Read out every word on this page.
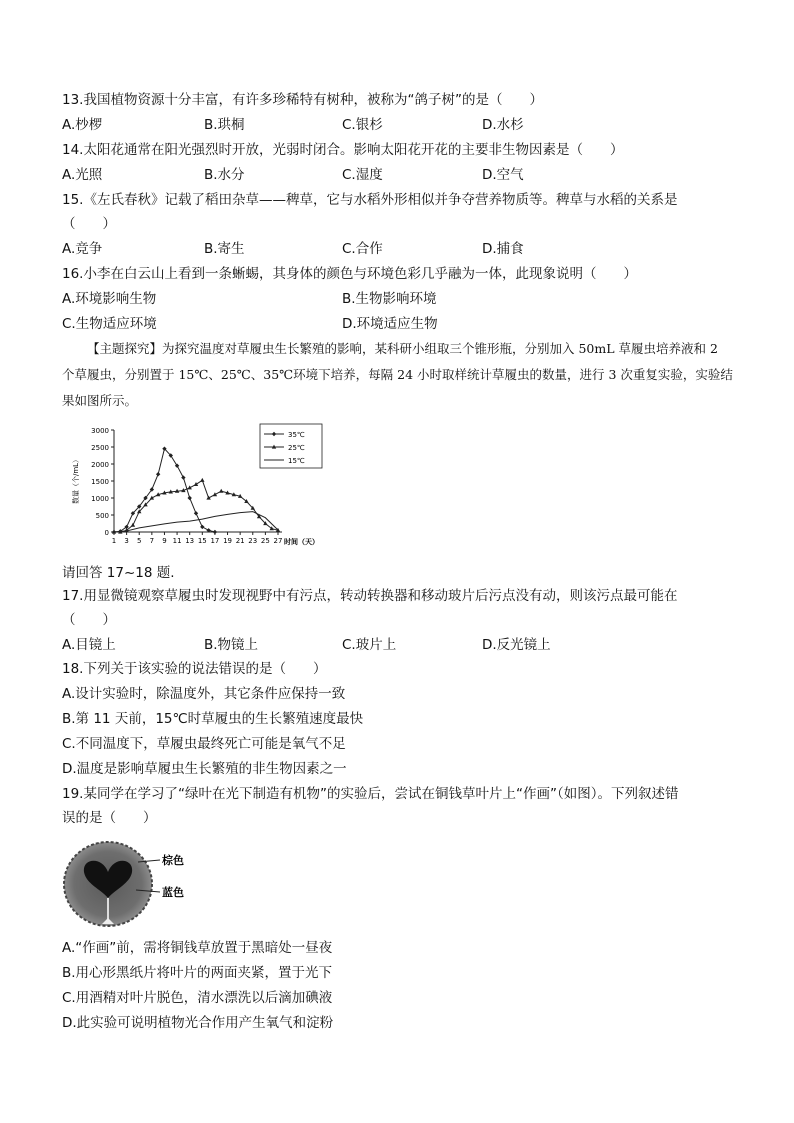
13.我国植物资源十分丰富，有许多珍稀特有树种，被称为“鸽子树”的是（　　）
A.杪椤	B.珙桐	C.银杉	D.水杉
14.太阳花通常在阳光强烈时开放，光弱时闭合。影响太阳花开花的主要非生物因素是（　　）
A.光照	B.水分	C.湿度	D.空气
15.《左氏春秋》记载了稻田杂草——稗草，它与水稻外形相似并争夺营养物质等。稗草与水稻的关系是
（　　）
A.竞争	B.寄生	C.合作	D.捕食
16.小李在白云山上看到一条蜥蜴，其身体的颜色与环境色彩几乎融为一体，此现象说明（　　）
A.环境影响生物	B.生物影响环境
C.生物适应环境	D.环境适应生物
【主题探究】为探究温度对草履虫生长繁殖的影响，某科研小组取三个锥形瓶，分别加入 50mL 草履虫培养液和 2 个草履虫，分别置于 15℃、25℃、35℃环境下培养，每隔 24 小时取样统计草履虫的数量，进行 3 次重复实验，实验结果如图所示。
3000
2500
2000
1500
1000
500
0
1 3 5 7 9 11 13 15 17 19 21 23 25 27
数量（个/mL）
时间（天）
35℃
25℃
15℃
请回答 17~18 题.
17.用显微镜观察草履虫时发现视野中有污点，转动转换器和移动玻片后污点没有动，则该污点最可能在
（　　）
A.目镜上	B.物镜上	C.玻片上	D.反光镜上
18.下列关于该实验的说法错误的是（　　）
A.设计实验时，除温度外，其它条件应保持一致
B.第 11 天前，15℃时草履虫的生长繁殖速度最快
C.不同温度下，草履虫最终死亡可能是氧气不足
D.温度是影响草履虫生长繁殖的非生物因素之一
19.某同学在学习了“绿叶在光下制造有机物”的实验后，尝试在铜钱草叶片上“作画”（如图）。下列叙述错
误的是（　　）
棕色
蓝色
A.“作画”前，需将铜钱草放置于黑暗处一昼夜
B.用心形黑纸片将叶片的两面夹紧，置于光下
C.用酒精对叶片脱色，清水漂洗以后滴加碘液
D.此实验可说明植物光合作用产生氧气和淀粉
